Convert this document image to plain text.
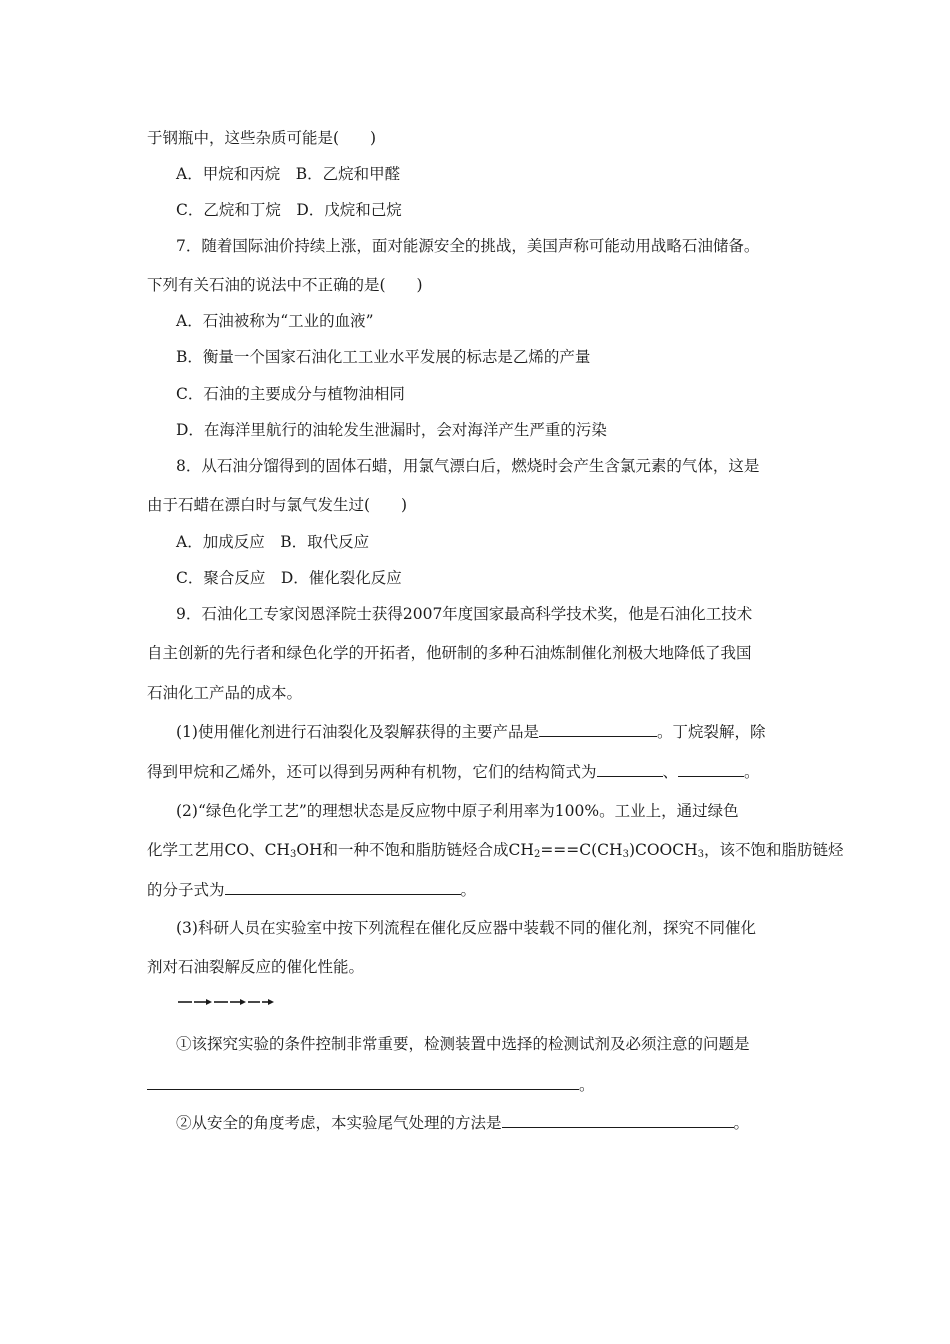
于钢瓶中，这些杂质可能是(　　)
A．甲烷和丙烷　B．乙烷和甲醛
C．乙烷和丁烷　D．戊烷和己烷
7．随着国际油价持续上涨，面对能源安全的挑战，美国声称可能动用战略石油储备。
下列有关石油的说法中不正确的是(　　)
A．石油被称为“工业的血液”
B．衡量一个国家石油化工工业水平发展的标志是乙烯的产量
C．石油的主要成分与植物油相同
D．在海洋里航行的油轮发生泄漏时，会对海洋产生严重的污染
8．从石油分馏得到的固体石蜡，用氯气漂白后，燃烧时会产生含氯元素的气体，这是
由于石蜡在漂白时与氯气发生过(　　)
A．加成反应　B．取代反应
C．聚合反应　D．催化裂化反应
9．石油化工专家闵恩泽院士获得2007年度国家最高科学技术奖，他是石油化工技术
自主创新的先行者和绿色化学的开拓者，他研制的多种石油炼制催化剂极大地降低了我国
石油化工产品的成本。
(1)使用催化剂进行石油裂化及裂解获得的主要产品是	。丁烷裂解，除
得到甲烷和乙烯外，还可以得到另两种有机物，它们的结构简式为	、	。
(2)“绿色化学工艺”的理想状态是反应物中原子利用率为100%。工业上，通过绿色
化学工艺用CO、$CH_3OH$和一种不饱和脂肪链烃合成$CH_2===C(CH_3)COOCH_3$，该不饱和脂肪链烃
的分子式为	。
(3)科研人员在实验室中按下列流程在催化反应器中装载不同的催化剂，探究不同催化
剂对石油裂解反应的催化性能。
①该探究实验的条件控制非常重要，检测装置中选择的检测试剂及必须注意的问题是
。
②从安全的角度考虑，本实验尾气处理的方法是	。
